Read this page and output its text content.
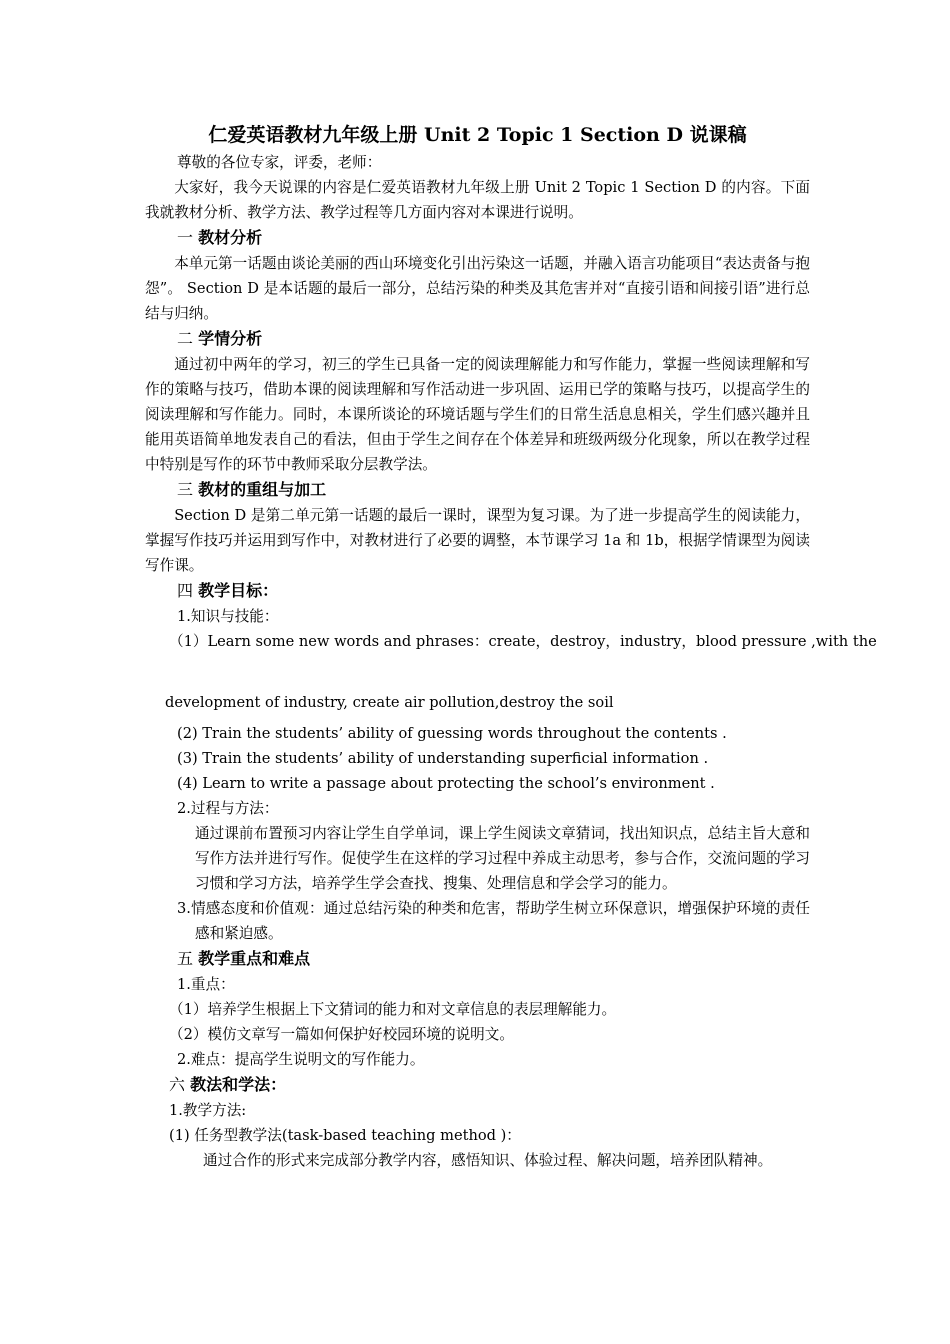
仁爱英语教材九年级上册 Unit 2 Topic 1 Section D 说课稿

尊敬的各位专家，评委，老师：

大家好，我今天说课的内容是仁爱英语教材九年级上册 Unit 2 Topic 1 Section D 的内容。下面我就教材分析、教学方法、教学过程等几方面内容对本课进行说明。

一 教材分析

本单元第一话题由谈论美丽的西山环境变化引出污染这一话题，并融入语言功能项目“表达责备与抱怨”。 Section D 是本话题的最后一部分，总结污染的种类及其危害并对“直接引语和间接引语”进行总结与归纳。

二 学情分析

通过初中两年的学习，初三的学生已具备一定的阅读理解能力和写作能力，掌握一些阅读理解和写作的策略与技巧，借助本课的阅读理解和写作活动进一步巩固、运用已学的策略与技巧，以提高学生的阅读理解和写作能力。同时，本课所谈论的环境话题与学生们的日常生活息息相关，学生们感兴趣并且能用英语简单地发表自己的看法，但由于学生之间存在个体差异和班级两级分化现象，所以在教学过程中特别是写作的环节中教师采取分层教学法。

三 教材的重组与加工

Section D 是第二单元第一话题的最后一课时，课型为复习课。为了进一步提高学生的阅读能力，掌握写作技巧并运用到写作中，对教材进行了必要的调整，本节课学习 1a 和 1b，根据学情课型为阅读写作课。

四 教学目标：

1.知识与技能：

（1）Learn some new words and phrases：create，destroy，industry，blood pressure ,with the

development of industry, create air pollution,destroy the soil

(2) Train the students’ ability of guessing words throughout the contents .

(3) Train the students’ ability of understanding superficial information .

(4) Learn to write a passage about protecting the school’s environment .

2.过程与方法：

通过课前布置预习内容让学生自学单词，课上学生阅读文章猜词，找出知识点，总结主旨大意和写作方法并进行写作。促使学生在这样的学习过程中养成主动思考，参与合作，交流问题的学习习惯和学习方法，培养学生学会查找、搜集、处理信息和学会学习的能力。

3.情感态度和价值观：通过总结污染的种类和危害，帮助学生树立环保意识，增强保护环境的责任感和紧迫感。

五 教学重点和难点

1.重点：

（1）培养学生根据上下文猜词的能力和对文章信息的表层理解能力。

（2）模仿文章写一篇如何保护好校园环境的说明文。

2.难点：提高学生说明文的写作能力。

六 教法和学法：

1.教学方法:

(1) 任务型教学法(task-based teaching method )：

通过合作的形式来完成部分教学内容，感悟知识、体验过程、解决问题，培养团队精神。
